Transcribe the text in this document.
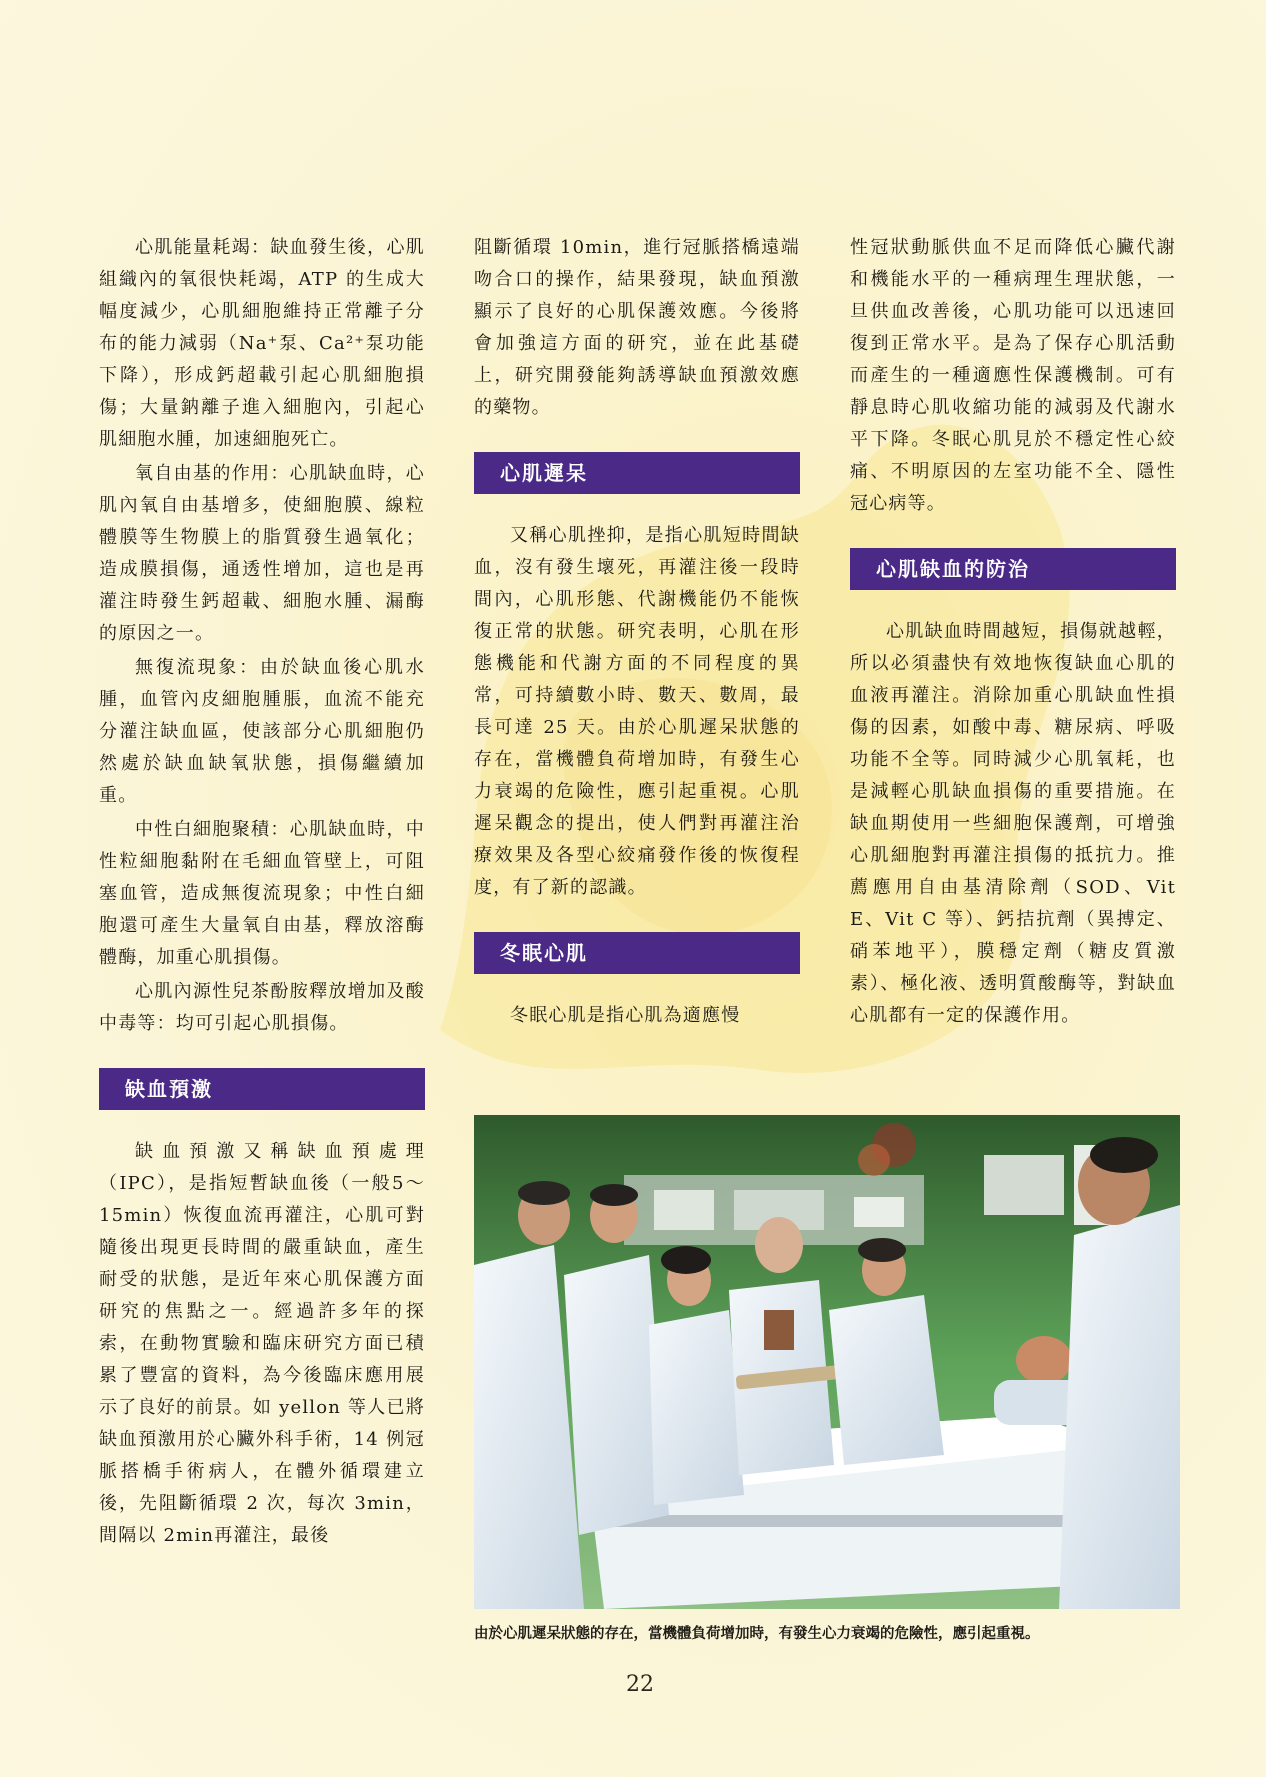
心肌能量耗竭：缺血發生後，心肌組織內的氧很快耗竭，ATP 的生成大幅度減少，心肌細胞維持正常離子分布的能力減弱（Na⁺泵、Ca²⁺泵功能下降），形成鈣超載引起心肌細胞損傷；大量鈉離子進入細胞內，引起心肌細胞水腫，加速細胞死亡。

氧自由基的作用：心肌缺血時，心肌內氧自由基增多，使細胞膜、線粒體膜等生物膜上的脂質發生過氧化；造成膜損傷，通透性增加，這也是再灌注時發生鈣超載、細胞水腫、漏酶的原因之一。

無復流現象：由於缺血後心肌水腫，血管內皮細胞腫脹，血流不能充分灌注缺血區，使該部分心肌細胞仍然處於缺血缺氧狀態，損傷繼續加重。

中性白細胞聚積：心肌缺血時，中性粒細胞黏附在毛細血管壁上，可阻塞血管，造成無復流現象；中性白細胞還可產生大量氧自由基，釋放溶酶體酶，加重心肌損傷。

心肌內源性兒茶酚胺釋放增加及酸中毒等：均可引起心肌損傷。

缺血預激

缺血預激又稱缺血預處理（IPC），是指短暫缺血後（一般5～15min）恢復血流再灌注，心肌可對隨後出現更長時間的嚴重缺血，產生耐受的狀態，是近年來心肌保護方面研究的焦點之一。經過許多年的探索，在動物實驗和臨床研究方面已積累了豐富的資料，為今後臨床應用展示了良好的前景。如 yellon 等人已將缺血預激用於心臟外科手術，14 例冠脈搭橋手術病人，在體外循環建立後，先阻斷循環 2 次，每次 3min，間隔以 2min再灌注，最後

阻斷循環 10min，進行冠脈搭橋遠端吻合口的操作，結果發現，缺血預激顯示了良好的心肌保護效應。今後將會加強這方面的研究，並在此基礎上，研究開發能夠誘導缺血預激效應的藥物。

心肌遲呆

又稱心肌挫抑，是指心肌短時間缺血，沒有發生壞死，再灌注後一段時間內，心肌形態、代謝機能仍不能恢復正常的狀態。研究表明，心肌在形態機能和代謝方面的不同程度的異常，可持續數小時、數天、數周，最長可達 25 天。由於心肌遲呆狀態的存在，當機體負荷增加時，有發生心力衰竭的危險性，應引起重視。心肌遲呆觀念的提出，使人們對再灌注治療效果及各型心絞痛發作後的恢復程度，有了新的認識。

冬眠心肌

冬眠心肌是指心肌為適應慢

性冠狀動脈供血不足而降低心臟代謝和機能水平的一種病理生理狀態，一旦供血改善後，心肌功能可以迅速回復到正常水平。是為了保存心肌活動而產生的一種適應性保護機制。可有靜息時心肌收縮功能的減弱及代謝水平下降。冬眠心肌見於不穩定性心絞痛、不明原因的左室功能不全、隱性冠心病等。

心肌缺血的防治

心肌缺血時間越短，損傷就越輕，所以必須盡快有效地恢復缺血心肌的血液再灌注。消除加重心肌缺血性損傷的因素，如酸中毒、糖尿病、呼吸功能不全等。同時減少心肌氧耗，也是減輕心肌缺血損傷的重要措施。在缺血期使用一些細胞保護劑，可增強心肌細胞對再灌注損傷的抵抗力。推薦應用自由基清除劑（SOD、Vit E、Vit C 等）、鈣拮抗劑（異搏定、硝苯地平），膜穩定劑（糖皮質激素）、極化液、透明質酸酶等，對缺血心肌都有一定的保護作用。

由於心肌遲呆狀態的存在，當機體負荷增加時，有發生心力衰竭的危險性，應引起重視。
22
